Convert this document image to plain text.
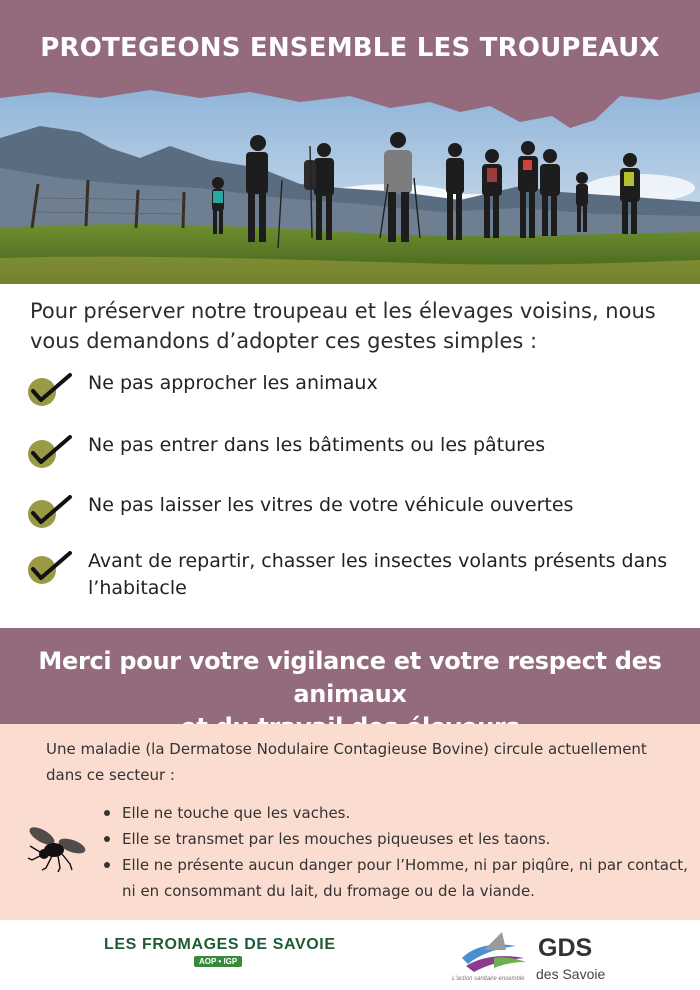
PROTEGEONS ENSEMBLE LES TROUPEAUX
Pour préserver notre troupeau et les élevages voisins, nous vous demandons d’adopter ces gestes simples :
Ne pas approcher les animaux
Ne pas entrer dans les bâtiments ou les pâtures
Ne pas laisser les vitres de votre véhicule ouvertes
Avant de repartir, chasser les insectes volants présents dans l’habitacle
Merci pour votre vigilance et votre respect des animaux
Une maladie (la Dermatose Nodulaire Contagieuse Bovine) circule actuellement dans ce secteur :
Elle ne touche que les vaches.
Elle se transmet par les mouches piqueuses et les taons.
Elle ne présente aucun danger pour l’Homme, ni par piqûre, ni par contact, ni en consommant du lait, du fromage ou de la viande.
LES FROMAGES DE SAVOIE
AOP • IGP	GDS
des Savoie
L'action sanitaire ensemble
